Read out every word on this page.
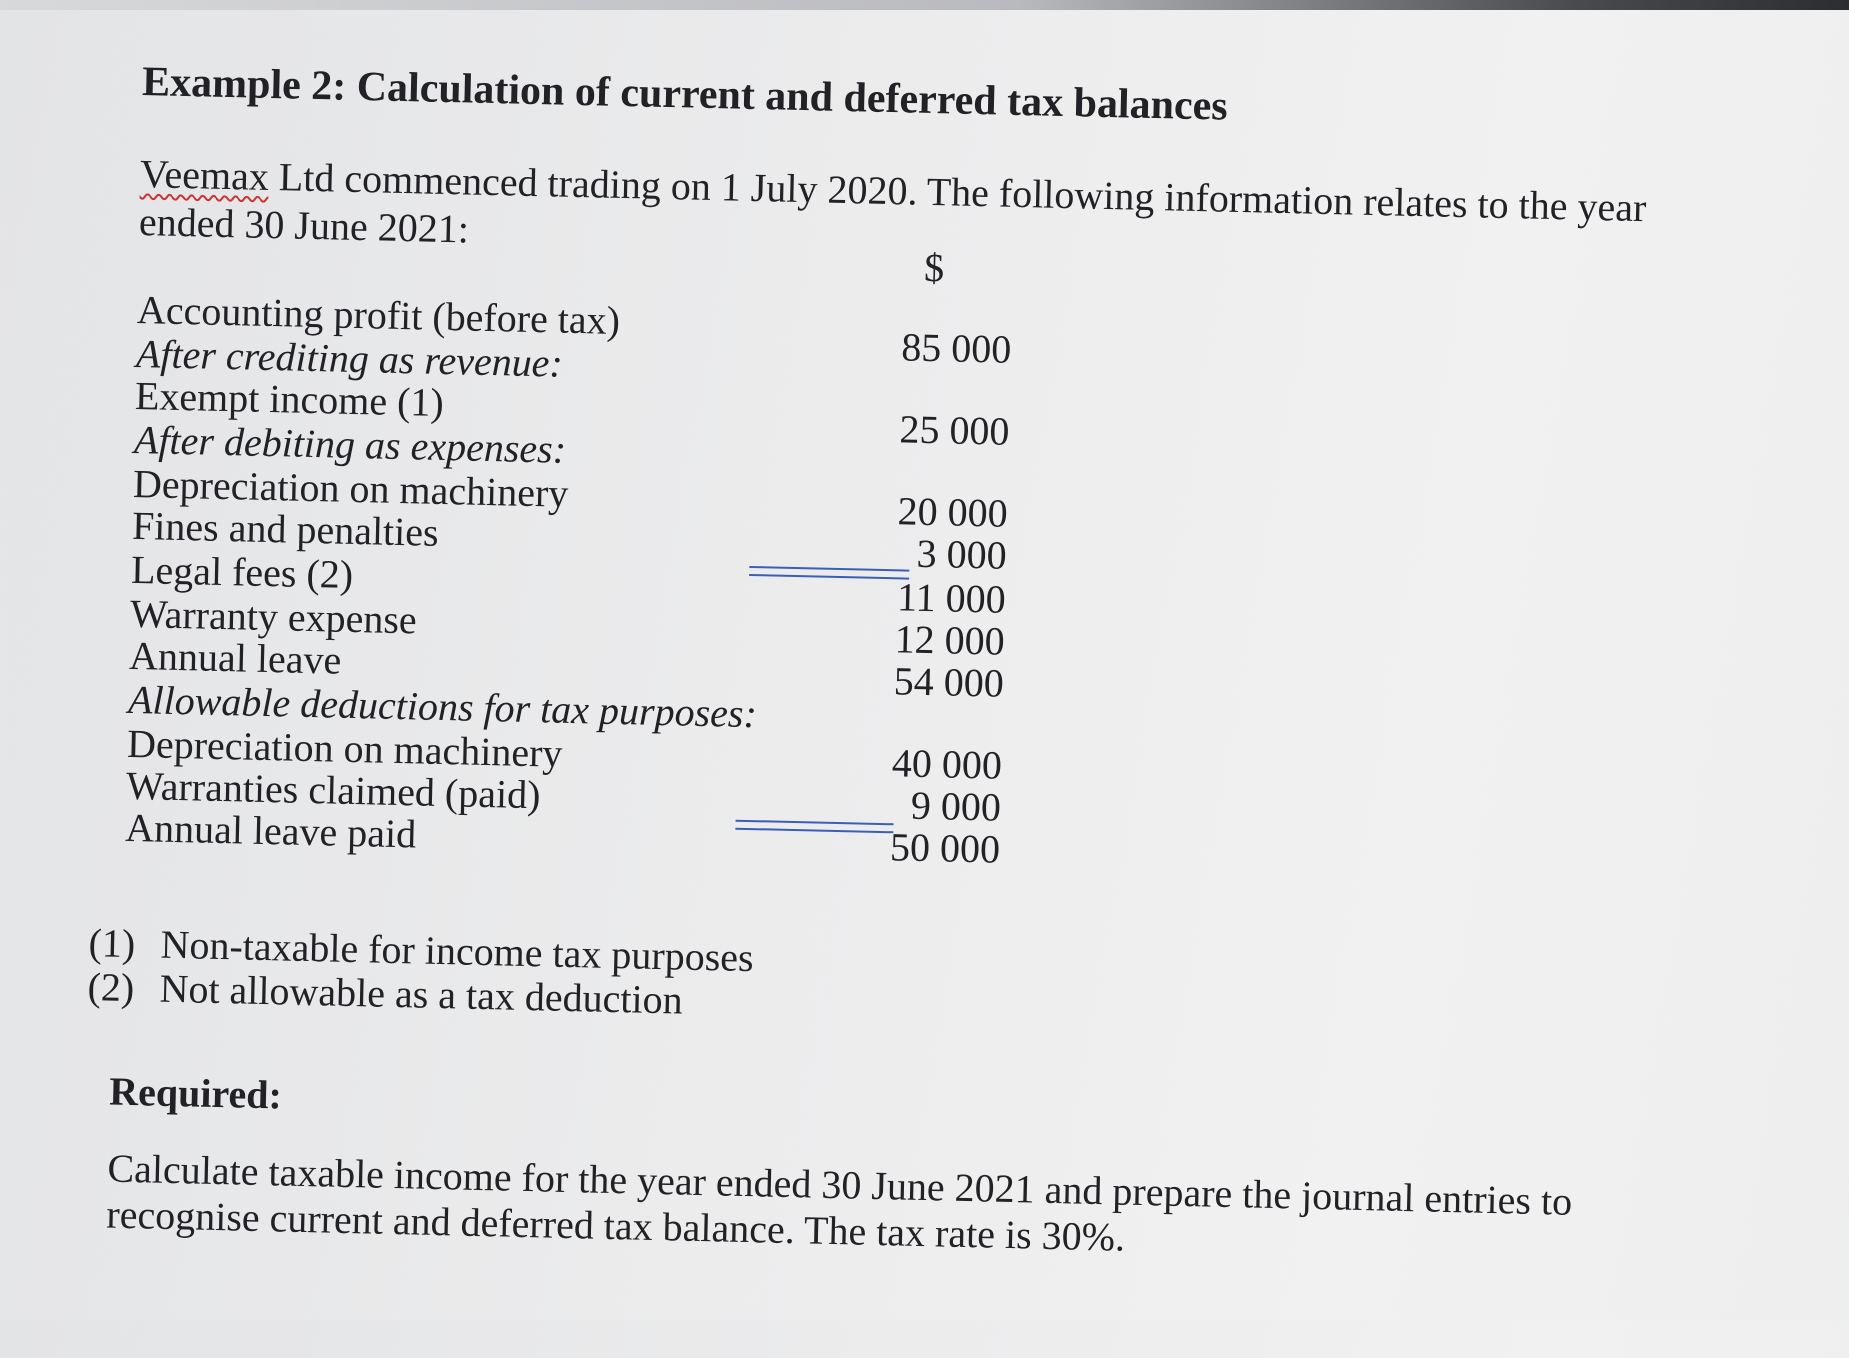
Example 2: Calculation of current and deferred tax balances

Veemax Ltd commenced trading on 1 July 2020. The following information relates to the year ended 30 June 2021:

$
Accounting profit (before tax)
After crediting as revenue:
Exempt income (1)
After debiting as expenses:
Depreciation on machinery
Fines and penalties
Legal fees (2)
Warranty expense
Annual leave
Allowable deductions for tax purposes:
Depreciation on machinery
Warranties claimed (paid)
Annual leave paid
85 000
25 000
20 000
3 000
11 000
12 000
54 000
40 000
9 000
50 000
(1) Non-taxable for income tax purposes
(2) Not allowable as a tax deduction
Required:

Calculate taxable income for the year ended 30 June 2021 and prepare the journal entries to recognise current and deferred tax balance. The tax rate is 30%.
